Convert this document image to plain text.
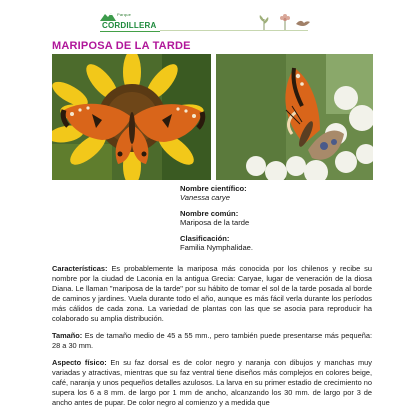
Parque
CORDILLERA
MARIPOSA DE LA TARDE
Nombre científico:
Vanessa carye
Nombre común:
Mariposa de la tarde
Clasificación:
Familia Nymphalidae.

Características: Es probablemente la mariposa más conocida por los chilenos y recibe su nombre por la ciudad de Laconia en la antigua Grecia: Caryae, lugar de veneración de la diosa Diana. Le llaman "mariposa de la tarde" por su hábito de tomar el sol de la tarde posada al borde de caminos y jardines. Vuela durante todo el año, aunque es más fácil verla durante los períodos más cálidos de cada zona. La variedad de plantas con las que se asocia para reproducir ha colaborado su amplia distribución.

Tamaño: Es de tamaño medio de 45 a 55 mm., pero también puede presentarse más pequeña: 28 a 30 mm.

Aspecto físico: En su faz dorsal es de color negro y naranja con dibujos y manchas muy variadas y atractivas, mientras que su faz ventral tiene diseños más complejos en colores beige, café, naranja y unos pequeños detalles azulosos. La larva en su primer estadio de crecimiento no supera los 6 a 8 mm. de largo por 1 mm de ancho, alcanzando los 30 mm. de largo por 3 de ancho antes de pupar. De color negro al comienzo y a medida que
